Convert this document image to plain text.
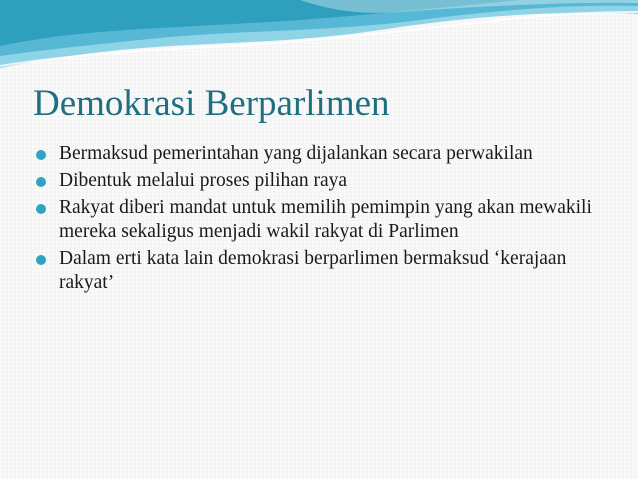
Demokrasi Berparlimen
Bermaksud pemerintahan yang dijalankan secara perwakilan
Dibentuk melalui proses pilihan raya
Rakyat diberi mandat untuk memilih pemimpin yang akan mewakili mereka sekaligus menjadi wakil rakyat di Parlimen
Dalam erti kata lain demokrasi berparlimen bermaksud ‘kerajaan rakyat’
